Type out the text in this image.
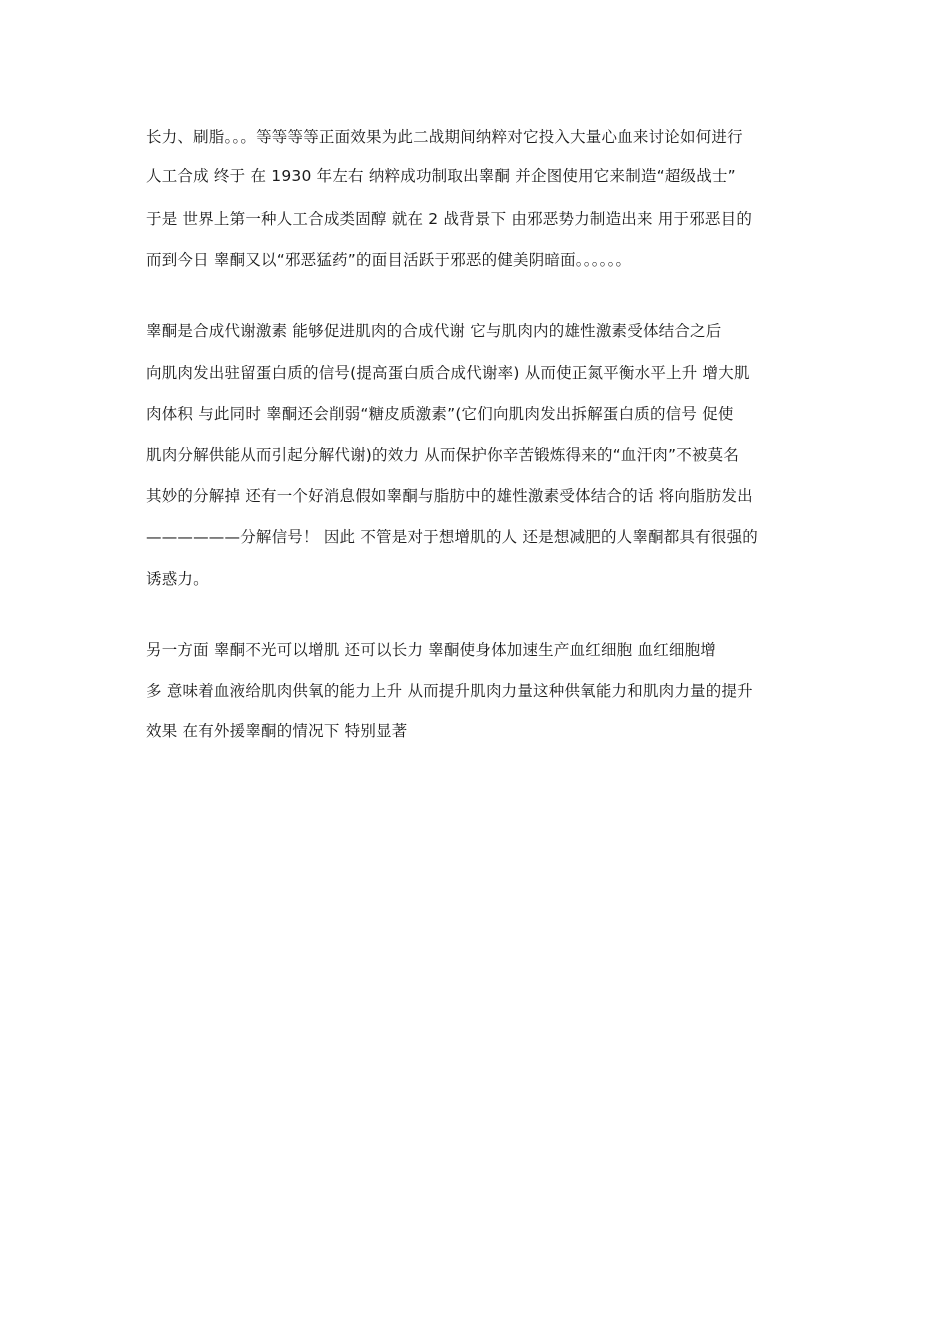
长力、刷脂。。。等等等等正面效果为此二战期间纳粹对它投入大量心血来讨论如何进行
人工合成 终于 在 1930 年左右 纳粹成功制取出睾酮 并企图使用它来制造“超级战士”
于是 世界上第一种人工合成类固醇 就在 2 战背景下 由邪恶势力制造出来 用于邪恶目的
而到今日 睾酮又以“邪恶猛药”的面目活跃于邪恶的健美阴暗面。。。。。。
睾酮是合成代谢激素 能够促进肌肉的合成代谢 它与肌肉内的雄性激素受体结合之后
向肌肉发出驻留蛋白质的信号(提高蛋白质合成代谢率) 从而使正氮平衡水平上升 增大肌
肉体积 与此同时 睾酮还会削弱“糖皮质激素”(它们向肌肉发出拆解蛋白质的信号 促使
肌肉分解供能从而引起分解代谢)的效力 从而保护你辛苦锻炼得来的“血汗肉”不被莫名
其妙的分解掉 还有一个好消息假如睾酮与脂肪中的雄性激素受体结合的话 将向脂肪发出
——————分解信号！ 因此 不管是对于想增肌的人 还是想减肥的人睾酮都具有很强的
诱惑力。
另一方面 睾酮不光可以增肌 还可以长力 睾酮使身体加速生产血红细胞 血红细胞增
多 意味着血液给肌肉供氧的能力上升 从而提升肌肉力量这种供氧能力和肌肉力量的提升
效果 在有外援睾酮的情况下 特别显著
